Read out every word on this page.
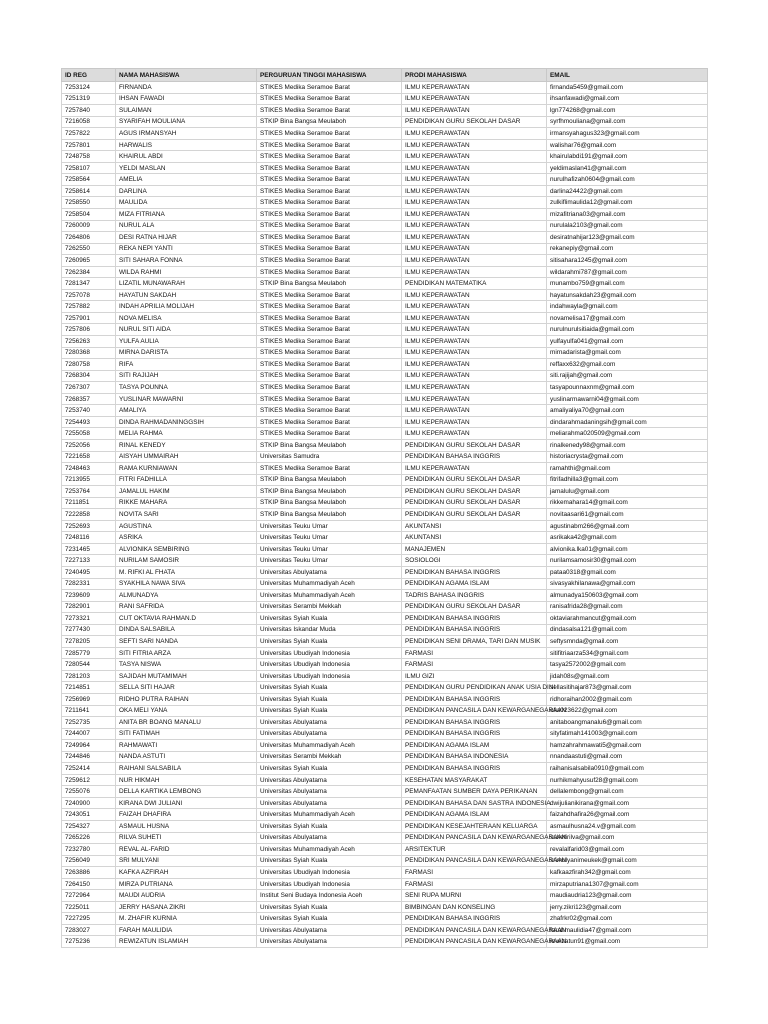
ID REG	NAMA MAHASISWA	PERGURUAN TINGGI MAHASISWA	PRODI MAHASISWA	EMAIL
7253124	FIRNANDA	STIKES Medika Seramoe Barat	ILMU KEPERAWATAN	firnanda5459@gmail.com
7251319	IHSAN FAWADI	STIKES Medika Seramoe Barat	ILMU KEPERAWATAN	ihsanfawadi@gmail.com
7257840	SULAIMAN	STIKES Medika Seramoe Barat	ILMU KEPERAWATAN	lgn774268@gmail.com
7216058	SYARIFAH MOULIANA	STKIP Bina Bangsa Meulaboh	PENDIDIKAN GURU SEKOLAH DASAR	syrfhmouliana@gmail.com
7257822	AGUS IRMANSYAH	STIKES Medika Seramoe Barat	ILMU KEPERAWATAN	irmansyahagus323@gmail.com
7257801	HARWALIS	STIKES Medika Seramoe Barat	ILMU KEPERAWATAN	walishar76@gmail.com
7248758	KHAIRUL ABDI	STIKES Medika Seramoe Barat	ILMU KEPERAWATAN	khairulabdi191@gmail.com
7258107	YELDI MASLAN	STIKES Medika Seramoe Barat	ILMU KEPERAWATAN	yeldimaslan41@gmail.com
7258564	AMELIA	STIKES Medika Seramoe Barat	ILMU KEPERAWATAN	nurulhafizah0604@gmail.com
7258614	DARLINA	STIKES Medika Seramoe Barat	ILMU KEPERAWATAN	darlina24422@gmail.com
7258550	MAULIDA	STIKES Medika Seramoe Barat	ILMU KEPERAWATAN	zulkiflimaulida12@gmail.com
7258504	MIZA FITRIANA	STIKES Medika Seramoe Barat	ILMU KEPERAWATAN	mizafitriana03@gmail.com
7260009	NURUL ALA	STIKES Medika Seramoe Barat	ILMU KEPERAWATAN	nurulala2103@gmail.com
7264806	DESI RATNA HIJAR	STIKES Medika Seramoe Barat	ILMU KEPERAWATAN	desiratnahijar123@gmail.com
7262550	REKA NEPI YANTI	STIKES Medika Seramoe Barat	ILMU KEPERAWATAN	rekanepiy@gmail.com
7260965	SITI SAHARA FONNA	STIKES Medika Seramoe Barat	ILMU KEPERAWATAN	sitisahara1245@gmail.com
7262384	WILDA RAHMI	STIKES Medika Seramoe Barat	ILMU KEPERAWATAN	wildarahmi787@gmail.com
7281347	LIZATIL MUNAWARAH	STKIP Bina Bangsa Meulaboh	PENDIDIKAN MATEMATIKA	munambo759@gmail.com
7257078	HAYATUN SAKDAH	STIKES Medika Seramoe Barat	ILMU KEPERAWATAN	hayatunsakdah23@gmail.com
7257882	INDAH APRILIA MOLIJAH	STIKES Medika Seramoe Barat	ILMU KEPERAWATAN	indahwayla@gmail.com
7257901	NOVA MELISA	STIKES Medika Seramoe Barat	ILMU KEPERAWATAN	novamelisa17@gmail.com
7257806	NURUL SITI AIDA	STIKES Medika Seramoe Barat	ILMU KEPERAWATAN	nurulnurulsitiaida@gmail.com
7256263	YULFA AULIA	STIKES Medika Seramoe Barat	ILMU KEPERAWATAN	yulfayulfa041@gmail.com
7280368	MIRNA DARISTA	STIKES Medika Seramoe Barat	ILMU KEPERAWATAN	mirnadarista@gmail.com
7280758	RIFA	STIKES Medika Seramoe Barat	ILMU KEPERAWATAN	reffaxx632@gmail.com
7268304	SITI RAJIJAH	STIKES Medika Seramoe Barat	ILMU KEPERAWATAN	siti.rajijah@gmail.com
7267307	TASYA POUNNA	STIKES Medika Seramoe Barat	ILMU KEPERAWATAN	tasyapounnaxnm@gmail.com
7268357	YUSLINAR MAWARNI	STIKES Medika Seramoe Barat	ILMU KEPERAWATAN	yuslinarmawarni04@gmail.com
7253740	AMALIYA	STIKES Medika Seramoe Barat	ILMU KEPERAWATAN	amaliyaliya70@gmail.com
7254493	DINDA RAHMADANINGGSIH	STIKES Medika Seramoe Barat	ILMU KEPERAWATAN	dindarahmadaningsih@gmail.com
7255058	MELIA RAHMA	STIKES Medika Seramoe Barat	ILMU KEPERAWATAN	meliarahma020509@gmail.com
7252056	RINAL KENEDY	STKIP Bina Bangsa Meulaboh	PENDIDIKAN GURU SEKOLAH DASAR	rinalkenedy98@gmail.com
7221658	AISYAH UMMAIRAH	Universitas Samudra	PENDIDIKAN BAHASA INGGRIS	historiacrysta@gmail.com
7248463	RAMA KURNIAWAN	STIKES Medika Seramoe Barat	ILMU KEPERAWATAN	ramahthi@gmail.com
7213955	FITRI FADHILLA	STKIP Bina Bangsa Meulaboh	PENDIDIKAN GURU SEKOLAH DASAR	fitrifadhilla3@gmail.com
7253764	JAMALUL HAKIM	STKIP Bina Bangsa Meulaboh	PENDIDIKAN GURU SEKOLAH DASAR	jamalulu@gmail.com
7211851	RIKKE MAHARA	STKIP Bina Bangsa Meulaboh	PENDIDIKAN GURU SEKOLAH DASAR	rikkemahara14@gmail.com
7222858	NOVITA SARI	STKIP Bina Bangsa Meulaboh	PENDIDIKAN GURU SEKOLAH DASAR	novitaasari61@gmail.com
7252693	AGUSTINA	Universitas Teuku Umar	AKUNTANSI	agustinabm266@gmail.com
7248116	ASRIKA	Universitas Teuku Umar	AKUNTANSI	asrikaka42@gmail.com
7231465	ALVIONIKA SEMBIRING	Universitas Teuku Umar	MANAJEMEN	alvionika.lka01@gmail.com
7227133	NURILAM SAMOSIR	Universitas Teuku Umar	SOSIOLOGI	nurilamsamosir30@gmail.com
7240495	M. RIFKI AL FHATA	Universitas Abulyatama	PENDIDIKAN BAHASA INGGRIS	pataa0318@gmail.com
7282331	SYAKHILA NAWA SIVA	Universitas Muhammadiyah Aceh	PENDIDIKAN AGAMA ISLAM	sivasyakhilanawa@gmail.com
7239609	ALMUNADYA	Universitas Muhammadiyah Aceh	TADRIS BAHASA INGGRIS	almunadya150603@gmail.com
7282901	RANI SAFRIDA	Universitas Serambi Mekkah	PENDIDIKAN GURU SEKOLAH DASAR	ranisafrida28@gmail.com
7273321	CUT OKTAVIA RAHMAN.D	Universitas Syiah Kuala	PENDIDIKAN BAHASA INGGRIS	oktaviarahmancut@gmail.com
7277430	DINDA SALSABILA	Universitas Iskandar Muda	PENDIDIKAN BAHASA INGGRIS	dindasalsa121@gmail.com
7278205	SEFTI SARI NANDA	Universitas Syiah Kuala	PENDIDIKAN SENI DRAMA, TARI DAN MUSIK	seftysmnda@gmail.com
7285779	SITI FITRIA ARZA	Universitas Ubudiyah Indonesia	FARMASI	sitifitriaarza534@gmail.com
7280544	TASYA NISWA	Universitas Ubudiyah Indonesia	FARMASI	tasya2572002@gmail.com
7281203	SAJIDAH MUTAMIMAH	Universitas Ubudiyah Indonesia	ILMU GIZI	jidah08s@gmail.com
7214851	SELLA SITI HAJAR	Universitas Syiah Kuala	PENDIDIKAN GURU PENDIDIKAN ANAK USIA DINI	sellasitihajar873@gmail.com
7256969	RIDHO PUTRA RAIHAN	Universitas Syiah Kuala	PENDIDIKAN BAHASA INGGRIS	ridhoraihan2002@gmail.com
7211641	OKA MELI YANA	Universitas Syiah Kuala	PENDIDIKAN PANCASILA DAN KEWARGANEGARAAN	oka023622@gmail.com
7252735	ANITA BR BOANG MANALU	Universitas Abulyatama	PENDIDIKAN BAHASA INGGRIS	anitaboangmanalu6@gmail.com
7244007	SITI FATIMAH	Universitas Abulyatama	PENDIDIKAN BAHASA INGGRIS	sityfatimah141003@gmail.com
7249964	RAHMAWATI	Universitas Muhammadiyah Aceh	PENDIDIKAN AGAMA ISLAM	hamzahrahmawati5@gmail.com
7244846	NANDA ASTUTI	Universitas Serambi Mekkah	PENDIDIKAN BAHASA INDONESIA	nnandaastuti@gmail.com
7252414	RAIHANI SALSABILA	Universitas Syiah Kuala	PENDIDIKAN BAHASA INGGRIS	raihanisalsabila0910@gmail.com
7259612	NUR HIKMAH	Universitas Abulyatama	KESEHATAN MASYARAKAT	nurhikmahyusuf28@gmail.com
7255076	DELLA KARTIKA LEMBONG	Universitas Abulyatama	PEMANFAATAN SUMBER DAYA PERIKANAN	dellalembong@gmail.com
7240900	KIRANA DWI JULIANI	Universitas Abulyatama	PENDIDIKAN BAHASA DAN SASTRA INDONESIA	dwijulianikirana@gmail.com
7243051	FAIZAH DHAFIRA	Universitas Muhammadiyah Aceh	PENDIDIKAN AGAMA ISLAM	faizahdhafira26@gmail.com
7254327	ASMAUL HUSNA	Universitas Syiah Kuala	PENDIDIKAN KESEJAHTERAAN KELUARGA	asmaulhusna24.v@gmail.com
7265226	RILVA SUHETI	Universitas Abulyatama	PENDIDIKAN PANCASILA DAN KEWARGANEGARAAN	suhetirilva@gmail.com
7232780	REVAL AL-FARID	Universitas Muhammadiyah Aceh	ARSITEKTUR	revalalfarid03@gmail.com
7256049	SRI MULYANI	Universitas Syiah Kuala	PENDIDIKAN PANCASILA DAN KEWARGANEGARAAN	srimulyanimeukek@gmail.com
7263886	KAFKA AZFIRAH	Universitas Ubudiyah Indonesia	FARMASI	kafkaazfirah342@gmail.com
7264150	MIRZA PUTRIANA	Universitas Ubudiyah Indonesia	FARMASI	mirzaputriana1307@gmail.com
7272964	MAUDI AUDRIA	Institut Seni Budaya Indonesia Aceh	SENI RUPA MURNI	maudiaudria123@gmail.com
7225011	JERRY HASANA ZIKRI	Universitas Syiah Kuala	BIMBINGAN DAN KONSELING	jerry.zikri123@gmail.com
7227295	M. ZHAFIR KURNIA	Universitas Syiah Kuala	PENDIDIKAN BAHASA INGGRIS	zhafrkr02@gmail.com
7283027	FARAH MAULIDIA	Universitas Abulyatama	PENDIDIKAN PANCASILA DAN KEWARGANEGARAAN	farahmaulidia47@gmail.com
7275236	REWIZATUN ISLAMIAH	Universitas Abulyatama	PENDIDIKAN PANCASILA DAN KEWARGANEGARAAN	rewizatun91@gmail.com
